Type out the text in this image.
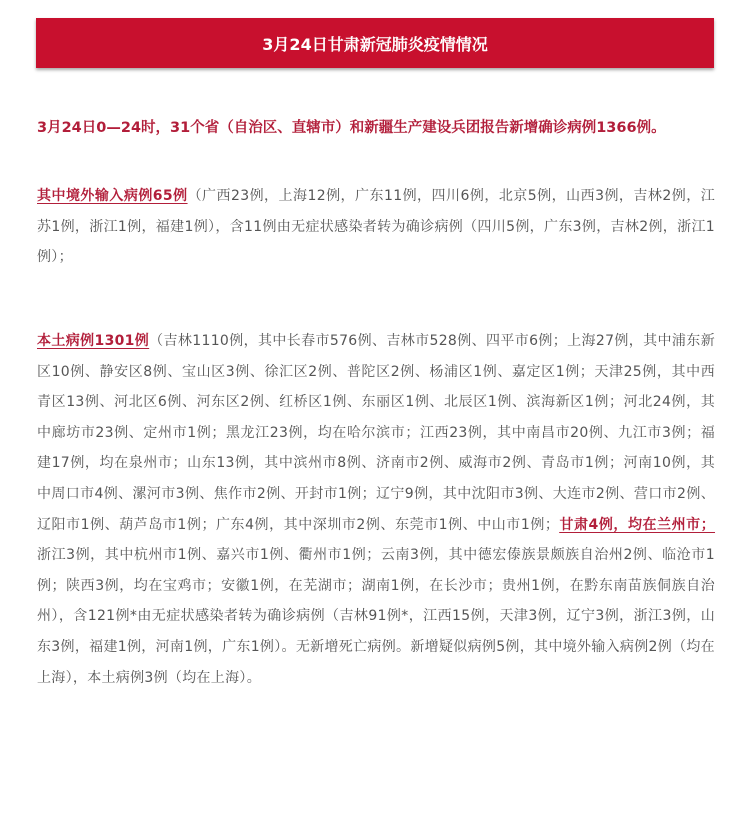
3月24日甘肃新冠肺炎疫情情况
3月24日0—24时，31个省（自治区、直辖市）和新疆生产建设兵团报告新增确诊病例1366例。
其中境外输入病例65例（广西23例，上海12例，广东11例，四川6例，北京5例，山西3例，吉林2例，江苏1例，浙江1例，福建1例），含11例由无症状感染者转为确诊病例（四川5例，广东3例，吉林2例，浙江1例）；
本土病例1301例（吉林1110例，其中长春市576例、吉林市528例、四平市6例；上海27例，其中浦东新区10例、静安区8例、宝山区3例、徐汇区2例、普陀区2例、杨浦区1例、嘉定区1例；天津25例，其中西青区13例、河北区6例、河东区2例、红桥区1例、东丽区1例、北辰区1例、滨海新区1例；河北24例，其中廊坊市23例、定州市1例；黑龙江23例，均在哈尔滨市；江西23例，其中南昌市20例、九江市3例；福建17例，均在泉州市；山东13例，其中滨州市8例、济南市2例、威海市2例、青岛市1例；河南10例，其中周口市4例、漯河市3例、焦作市2例、开封市1例；辽宁9例，其中沈阳市3例、大连市2例、营口市2例、辽阳市1例、葫芦岛市1例；广东4例，其中深圳市2例、东莞市1例、中山市1例；甘肃4例，均在兰州市；浙江3例，其中杭州市1例、嘉兴市1例、衢州市1例；云南3例，其中德宏傣族景颇族自治州2例、临沧市1例；陕西3例，均在宝鸡市；安徽1例，在芜湖市；湖南1例，在长沙市；贵州1例，在黔东南苗族侗族自治州），含121例*由无症状感染者转为确诊病例（吉林91例*，江西15例，天津3例，辽宁3例，浙江3例，山东3例，福建1例，河南1例，广东1例）。无新增死亡病例。新增疑似病例5例，其中境外输入病例2例（均在上海），本土病例3例（均在上海）。
